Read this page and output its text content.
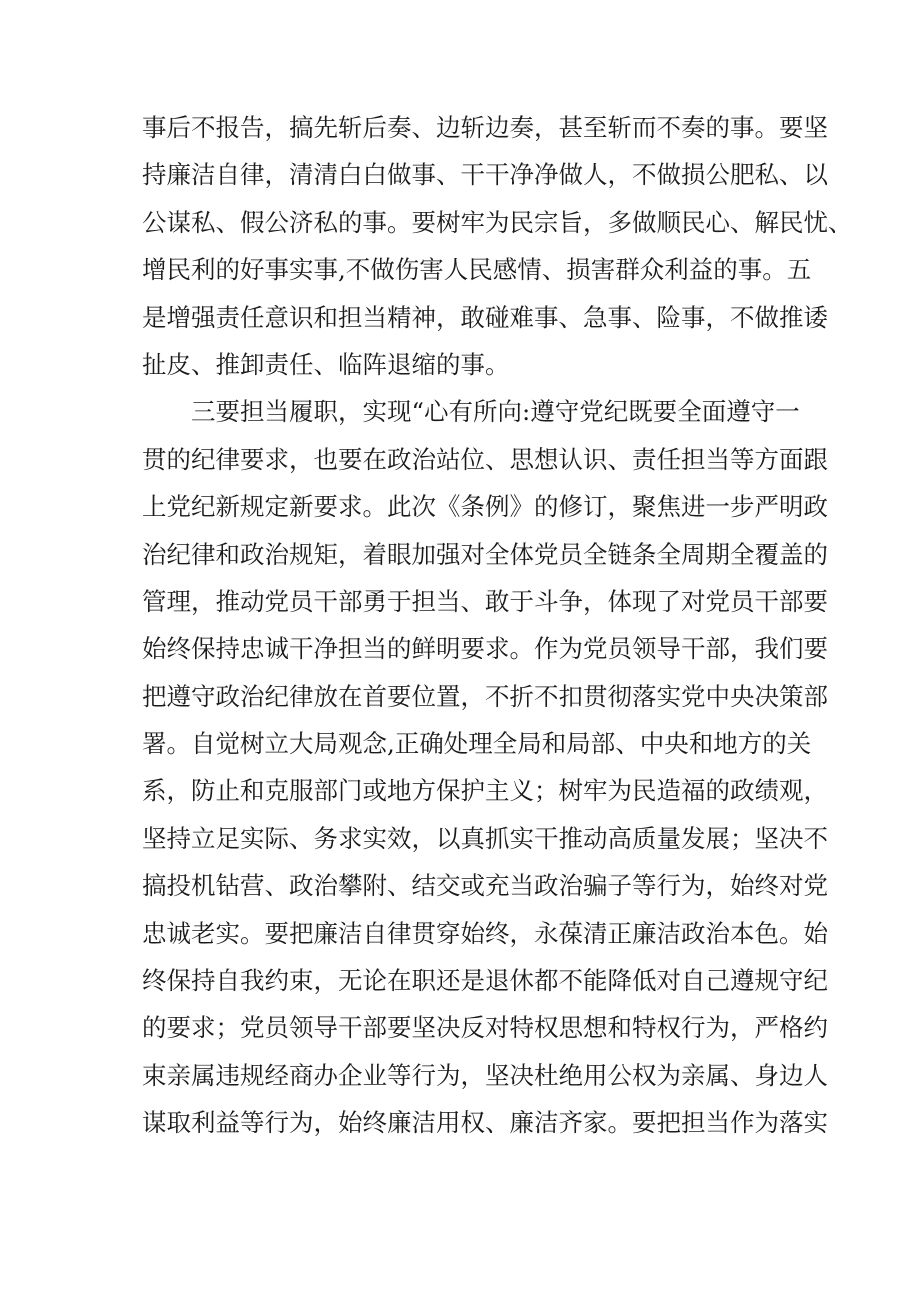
事后不报告，搞先斩后奏、边斩边奏，甚至斩而不奏的事。要坚
持廉洁自律，清清白白做事、干干净净做人，不做损公肥私、以
公谋私、假公济私的事。要树牢为民宗旨，多做顺民心、解民忧、
增民利的好事实事,不做伤害人民感情、损害群众利益的事。五
是增强责任意识和担当精神，敢碰难事、急事、险事，不做推诿
扯皮、推卸责任、临阵退缩的事。
三要担当履职，实现“心有所向:遵守党纪既要全面遵守一
贯的纪律要求，也要在政治站位、思想认识、责任担当等方面跟
上党纪新规定新要求。此次《条例》的修订，聚焦进一步严明政
治纪律和政治规矩，着眼加强对全体党员全链条全周期全覆盖的
管理，推动党员干部勇于担当、敢于斗争，体现了对党员干部要
始终保持忠诚干净担当的鲜明要求。作为党员领导干部，我们要
把遵守政治纪律放在首要位置，不折不扣贯彻落实党中央决策部
署。自觉树立大局观念,正确处理全局和局部、中央和地方的关
系，防止和克服部门或地方保护主义；树牢为民造福的政绩观，
坚持立足实际、务求实效，以真抓实干推动高质量发展；坚决不
搞投机钻营、政治攀附、结交或充当政治骗子等行为，始终对党
忠诚老实。要把廉洁自律贯穿始终，永葆清正廉洁政治本色。始
终保持自我约束，无论在职还是退休都不能降低对自己遵规守纪
的要求；党员领导干部要坚决反对特权思想和特权行为，严格约
束亲属违规经商办企业等行为，坚决杜绝用公权为亲属、身边人
谋取利益等行为，始终廉洁用权、廉洁齐家。要把担当作为落实
